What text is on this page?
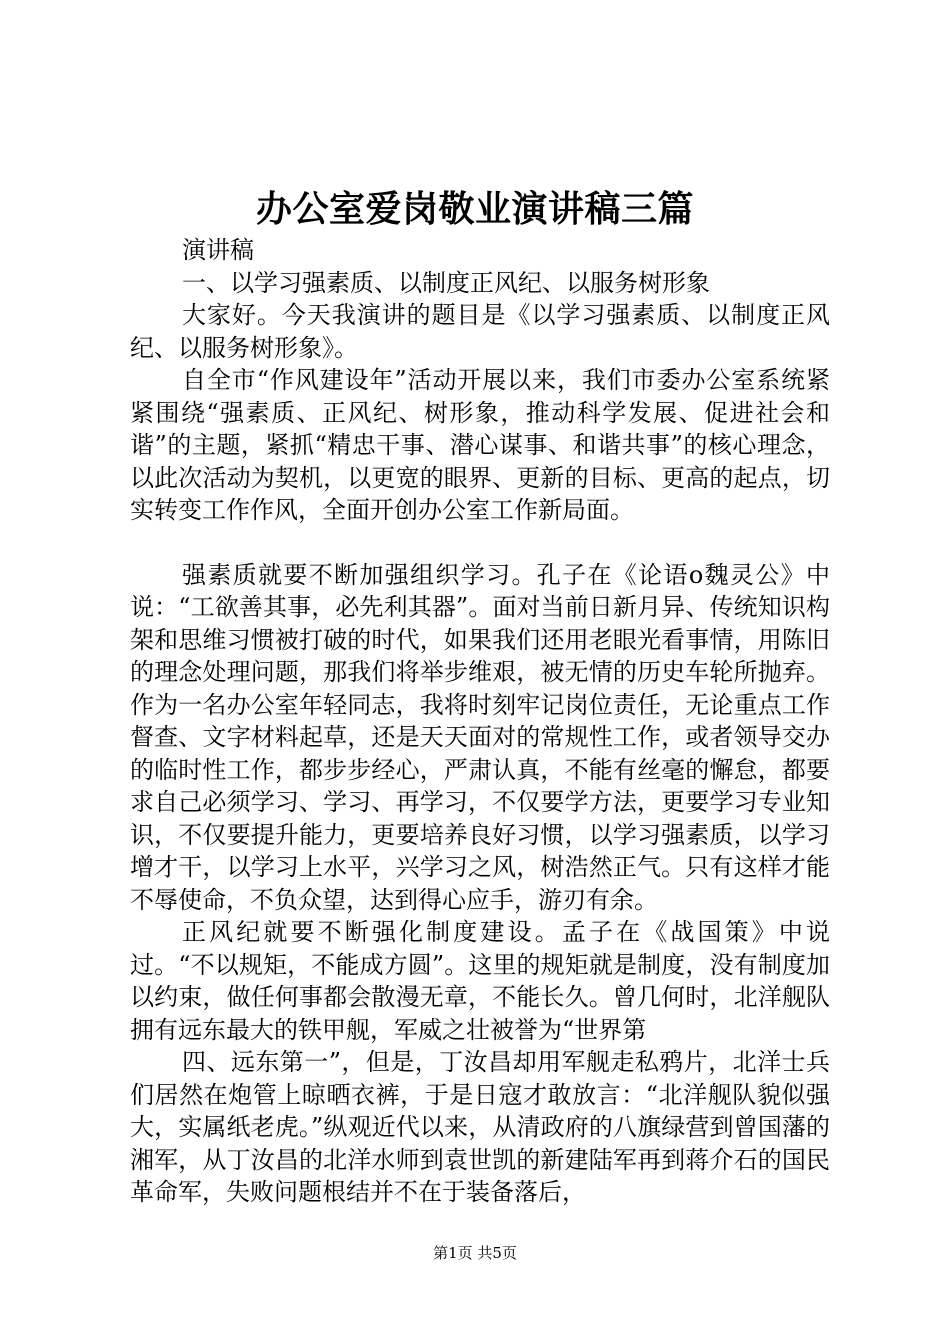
办公室爱岗敬业演讲稿三篇

演讲稿

一、以学习强素质、以制度正风纪、以服务树形象

大家好。今天我演讲的题目是《以学习强素质、以制度正风纪、以服务树形象》。

自全市“作风建设年”活动开展以来，我们市委办公室系统紧紧围绕“强素质、正风纪、树形象，推动科学发展、促进社会和谐”的主题，紧抓“精忠干事、潜心谋事、和谐共事”的核心理念，以此次活动为契机，以更宽的眼界、更新的目标、更高的起点，切实转变工作作风，全面开创办公室工作新局面。

强素质就要不断加强组织学习。孔子在《论语o魏灵公》中说：“工欲善其事，必先利其器”。面对当前日新月异、传统知识构架和思维习惯被打破的时代，如果我们还用老眼光看事情，用陈旧的理念处理问题，那我们将举步维艰，被无情的历史车轮所抛弃。作为一名办公室年轻同志，我将时刻牢记岗位责任，无论重点工作督查、文字材料起草，还是天天面对的常规性工作，或者领导交办的临时性工作，都步步经心，严肃认真，不能有丝毫的懈怠，都要求自己必须学习、学习、再学习，不仅要学方法，更要学习专业知识，不仅要提升能力，更要培养良好习惯，以学习强素质，以学习增才干，以学习上水平，兴学习之风，树浩然正气。只有这样才能不辱使命，不负众望，达到得心应手，游刃有余。

正风纪就要不断强化制度建设。孟子在《战国策》中说过。“不以规矩，不能成方圆”。这里的规矩就是制度，没有制度加以约束，做任何事都会散漫无章，不能长久。曾几何时，北洋舰队拥有远东最大的铁甲舰，军威之壮被誉为“世界第

四、远东第一”，但是，丁汝昌却用军舰走私鸦片，北洋士兵们居然在炮管上晾晒衣裤，于是日寇才敢放言：“北洋舰队貌似强大，实属纸老虎。”纵观近代以来，从清政府的八旗绿营到曾国藩的湘军，从丁汝昌的北洋水师到袁世凯的新建陆军再到蒋介石的国民革命军，失败问题根结并不在于装备落后，

第1页 共5页
